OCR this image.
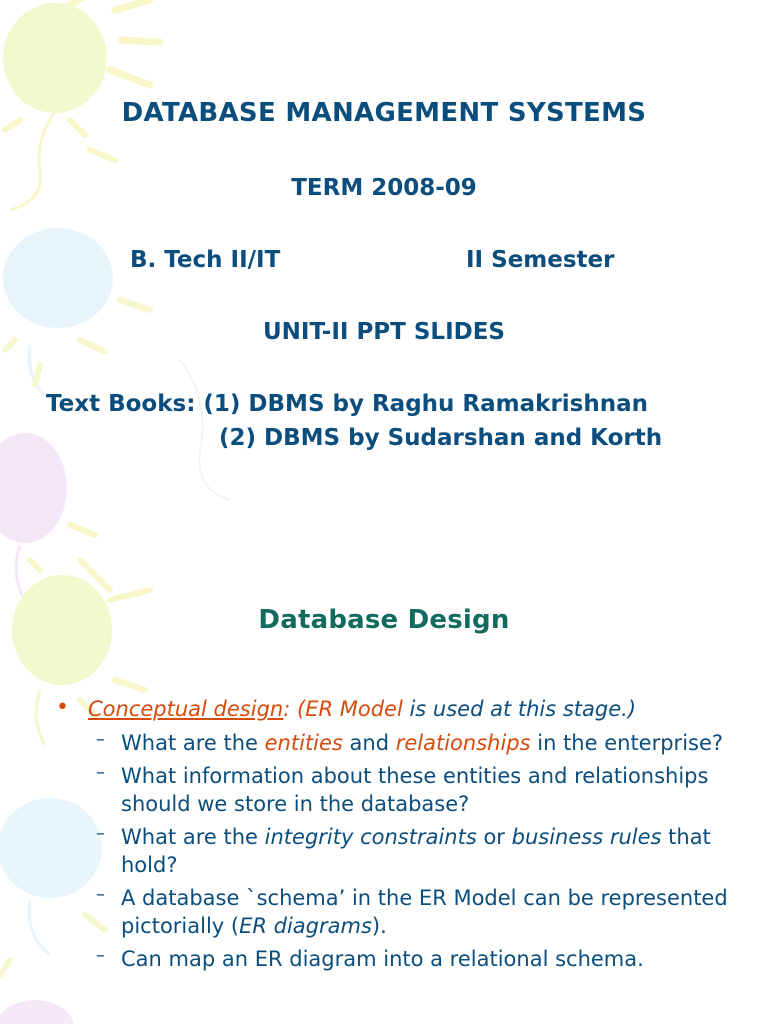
DATABASE MANAGEMENT SYSTEMS

TERM 2008-09

B. Tech II/IT	II Semester

UNIT-II PPT SLIDES

Text Books: (1) DBMS by Raghu Ramakrishnan

(2) DBMS by Sudarshan and Korth

Database Design
• Conceptual design: (ER Model is used at this stage.)
– What are the entities and relationships in the enterprise?
– What information about these entities and relationships should we store in the database?
– What are the integrity constraints or business rules that hold?
– A database `schema’ in the ER Model can be represented pictorially (ER diagrams).
– Can map an ER diagram into a relational schema.
